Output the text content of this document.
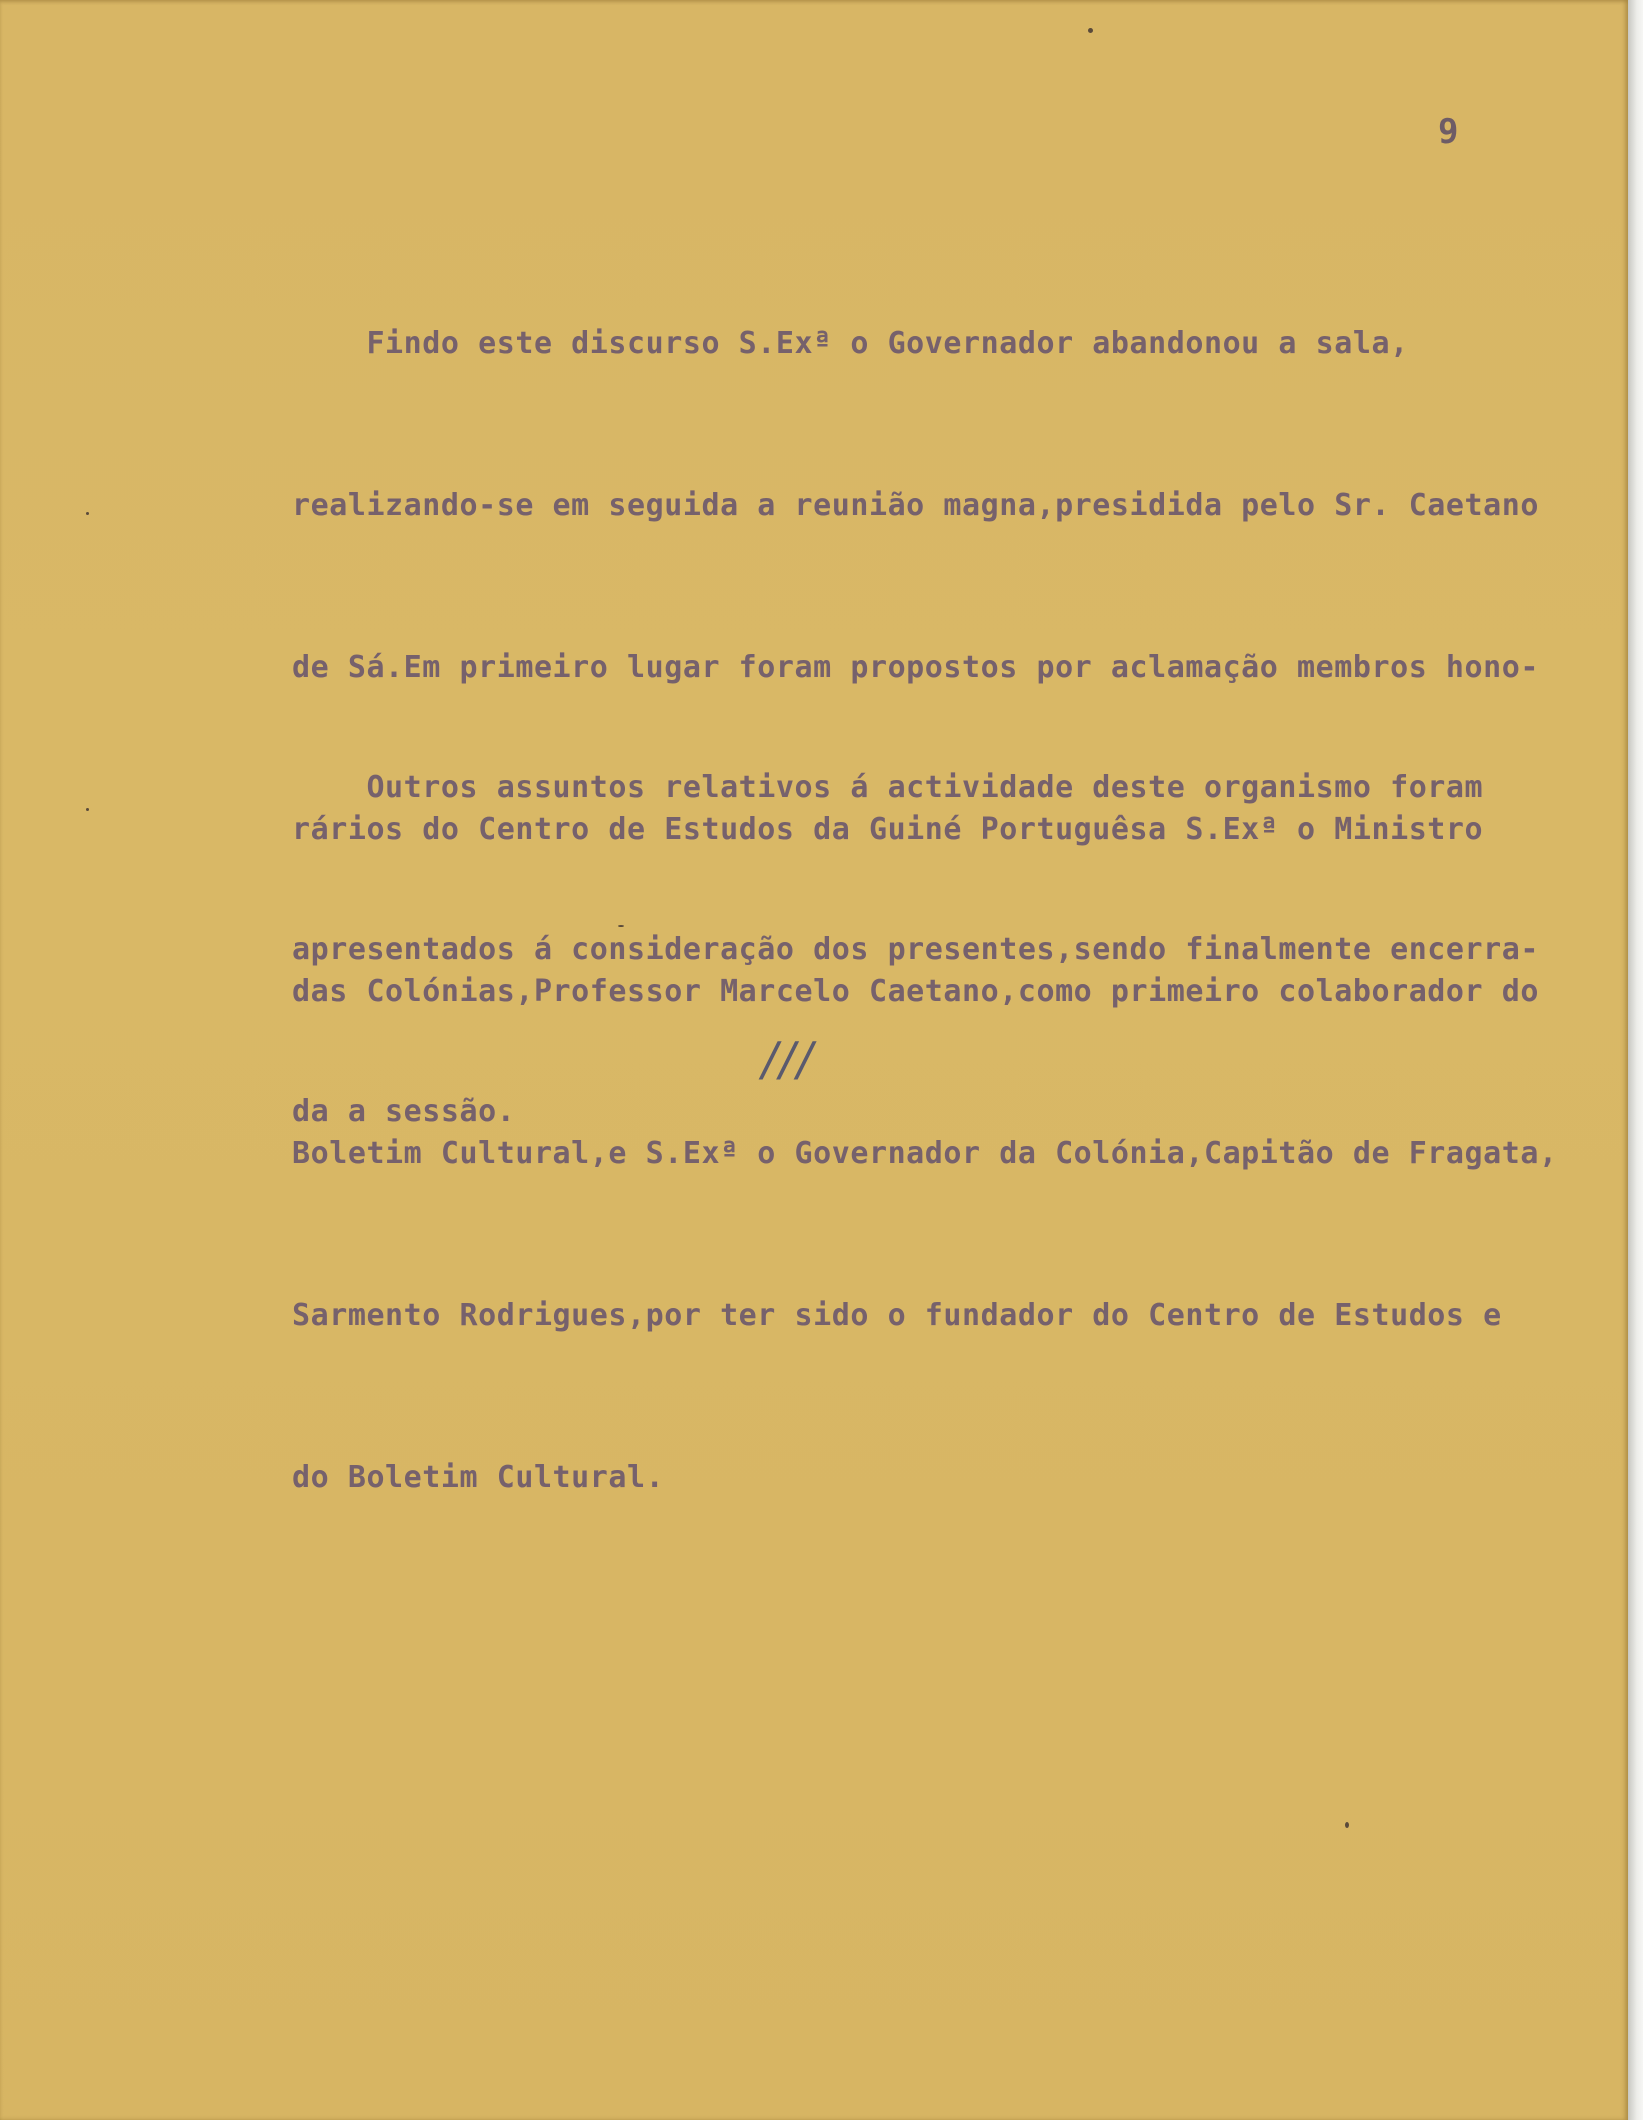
9

Findo este discurso S.Exª o Governador abandonou a sala,

realizando-se em seguida a reunião magna,presidida pelo Sr. Caetano

de Sá.Em primeiro lugar foram propostos por aclamação membros hono-

rários do Centro de Estudos da Guiné Portuguêsa S.Exª o Ministro

das Colónias,Professor Marcelo Caetano,como primeiro colaborador do

Boletim Cultural,e S.Exª o Governador da Colónia,Capitão de Fragata,

Sarmento Rodrigues,por ter sido o fundador do Centro de Estudos e

do Boletim Cultural.

Outros assuntos relativos á actividade deste organismo foram

apresentados á consideração dos presentes,sendo finalmente encerra-

da a sessão.

///
